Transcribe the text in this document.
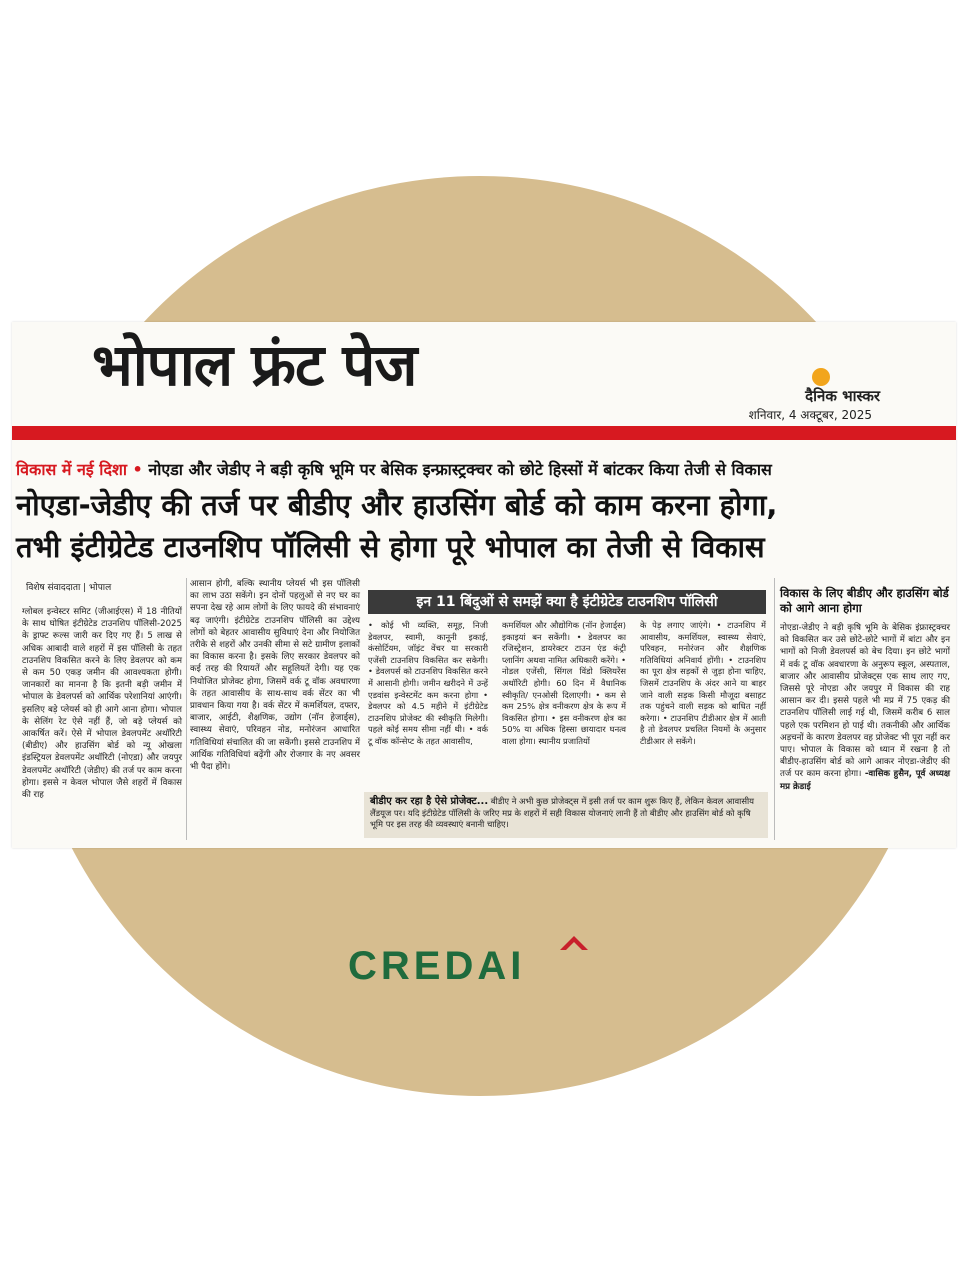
भोपाल फ्रंट पेज	दैनिक भास्कर
शनिवार, 4 अक्टूबर, 2025
विकास में नई दिशा • नोएडा और जेडीए ने बड़ी कृषि भूमि पर बेसिक इन्फ्रास्ट्रक्चर को छोटे हिस्सों में बांटकर किया तेजी से विकास
नोएडा-जेडीए की तर्ज पर बीडीए और हाउसिंग बोर्ड को काम करना होगा,
तभी इंटीग्रेटेड टाउनशिप पॉलिसी से होगा पूरे भोपाल का तेजी से विकास
विशेष संवाददाता | भोपाल
ग्लोबल इन्वेस्टर समिट (जीआईएस) में 18 नीतियों के साथ घोषित इंटीग्रेटेड टाउनशिप पॉलिसी-2025 के ड्राफ्ट रूल्स जारी कर दिए गए हैं। 5 लाख से अधिक आबादी वाले शहरों में इस पॉलिसी के तहत टाउनशिप विकसित करने के लिए डेवलपर को कम से कम 50 एकड़ जमीन की आवश्यकता होगी। जानकारों का मानना है कि इतनी बड़ी जमीन में भोपाल के डेवलपर्स को आर्थिक परेशानियां आएंगी। इसलिए बड़े प्लेयर्स को ही आगे आना होगा। भोपाल के सेलिंग रेट ऐसे नहीं हैं, जो बड़े प्लेयर्स को आकर्षित करें। ऐसे में भोपाल डेवलपमेंट अथॉरिटी (बीडीए) और हाउसिंग बोर्ड को न्यू ओखला इंडस्ट्रियल डेवलपमेंट अथॉरिटी (नोएडा) और जयपुर डेवलपमेंट अथॉरिटी (जेडीए) की तर्ज पर काम करना होगा। इससे न केवल भोपाल जैसे शहरों में विकास की राह
आसान होगी, बल्कि स्थानीय प्लेयर्स भी इस पॉलिसी का लाभ उठा सकेंगे। इन दोनों पहलुओं से नए घर का सपना देख रहे आम लोगों के लिए फायदे की संभावनाएं बढ़ जाएंगी। इंटीग्रेटेड टाउनशिप पॉलिसी का उद्देश्य लोगों को बेहतर आवासीय सुविधाएं देना और नियोजित तरीके से शहरों और उनकी सीमा से सटे ग्रामीण इलाकों का विकास करना है। इसके लिए सरकार डेवलपर को कई तरह की रियायतें और सहूलियतें देगी। यह एक नियोजित प्रोजेक्ट होगा, जिसमें वर्क टू वॉक अवधारणा के तहत आवासीय के साथ-साथ वर्क सेंटर का भी प्रावधान किया गया है। वर्क सेंटर में कमर्शियल, दफ्तर, बाजार, आईटी, शैक्षणिक, उद्योग (नॉन हेजार्ड्स), स्वास्थ्य सेवाएं, परिवहन नोड, मनोरंजन आधारित गतिविधियां संचालित की जा सकेंगी। इससे टाउनशिप में आर्थिक गतिविधियां बढ़ेंगी और रोजगार के नए अवसर भी पैदा होंगे।
इन 11 बिंदुओं से समझें क्या है इंटीग्रेटेड टाउनशिप पॉलिसी
• कोई भी व्यक्ति, समूह, निजी डेवलपर, स्वामी, कानूनी इकाई, कंसोर्टियम, जॉइंट वेंचर या सरकारी एजेंसी टाउनशिप विकसित कर सकेगी। • डेवलपर्स को टाउनशिप विकसित करने में आसानी होगी। जमीन खरीदने में उन्हें एडवांस इन्वेस्टमेंट कम करना होगा • डेवलपर को 4.5 महीने में इंटीग्रेटेड टाउनशिप प्रोजेक्ट की स्वीकृति मिलेगी। पहले कोई समय सीमा नहीं थी। • वर्क टू वॉक कॉन्सेप्ट के तहत आवासीय,
कमर्शियल और औद्योगिक (नॉन हेजार्ड्स) इकाइयां बन सकेंगी। • डेवलपर का रजिस्ट्रेशन, डायरेक्टर टाउन एंड कंट्री प्लानिंग अथवा नामित अधिकारी करेंगे। • नोडल एजेंसी, सिंगल विंडो क्लियरेंस अथॉरिटी होगी। 60 दिन में वैधानिक स्वीकृति/ एनओसी दिलाएगी। • कम से कम 25% क्षेत्र वनीकरण क्षेत्र के रूप में विकसित होगा। • इस वनीकरण क्षेत्र का 50% या अधिक हिस्सा छायादार घनत्व वाला होगा। स्थानीय प्रजातियों
के पेड़ लगाए जाएंगे। • टाउनशिप में आवासीय, कमर्शियल, स्वास्थ्य सेवाएं, परिवहन, मनोरंजन और शैक्षणिक गतिविधियां अनिवार्य होंगी। • टाउनशिप का पूरा क्षेत्र सड़कों से जुड़ा होना चाहिए, जिसमें टाउनशिप के अंदर आने या बाहर जाने वाली सड़क किसी मौजूदा बसाहट तक पहुंचने वाली सड़क को बाधित नहीं करेगा। • टाउनशिप टीडीआर क्षेत्र में आती है तो डेवलपर प्रचलित नियमों के अनुसार टीडीआर ले सकेंगे।
बीडीए कर रहा है ऐसे प्रोजेक्ट... बीडीए ने अभी कुछ प्रोजेक्ट्स में इसी तर्ज पर काम शुरू किए हैं, लेकिन केवल आवासीय लैंडयूज पर। यदि इंटीग्रेटेड पॉलिसी के जरिए मप्र के शहरों में सही विकास योजनाएं लानी हैं तो बीडीए और हाउसिंग बोर्ड को कृषि भूमि पर इस तरह की व्यवस्थाएं बनानी चाहिए।
विकास के लिए बीडीए और हाउसिंग बोर्ड को आगे आना होगा
नोएडा-जेडीए ने बड़ी कृषि भूमि के बेसिक इंफ्रास्ट्रक्चर को विकसित कर उसे छोटे-छोटे भागों में बांटा और इन भागों को निजी डेवलपर्स को बेच दिया। इन छोटे भागों में वर्क टू वॉक अवधारणा के अनुरूप स्कूल, अस्पताल, बाजार और आवासीय प्रोजेक्ट्स एक साथ लाए गए, जिससे पूरे नोएडा और जयपुर में विकास की राह आसान कर दी। इससे पहले भी मप्र में 75 एकड़ की टाउनशिप पॉलिसी लाई गई थी, जिसमें करीब 6 साल पहले एक परमिशन हो पाई थी। तकनीकी और आर्थिक अड़चनों के कारण डेवलपर वह प्रोजेक्ट भी पूरा नहीं कर पाए। भोपाल के विकास को ध्यान में रखना है तो बीडीए-हाउसिंग बोर्ड को आगे आकर नोएडा-जेडीए की तर्ज पर काम करना होगा। -वासिक हुसैन, पूर्व अध्यक्ष मप्र क्रेडाई
CREDAI
